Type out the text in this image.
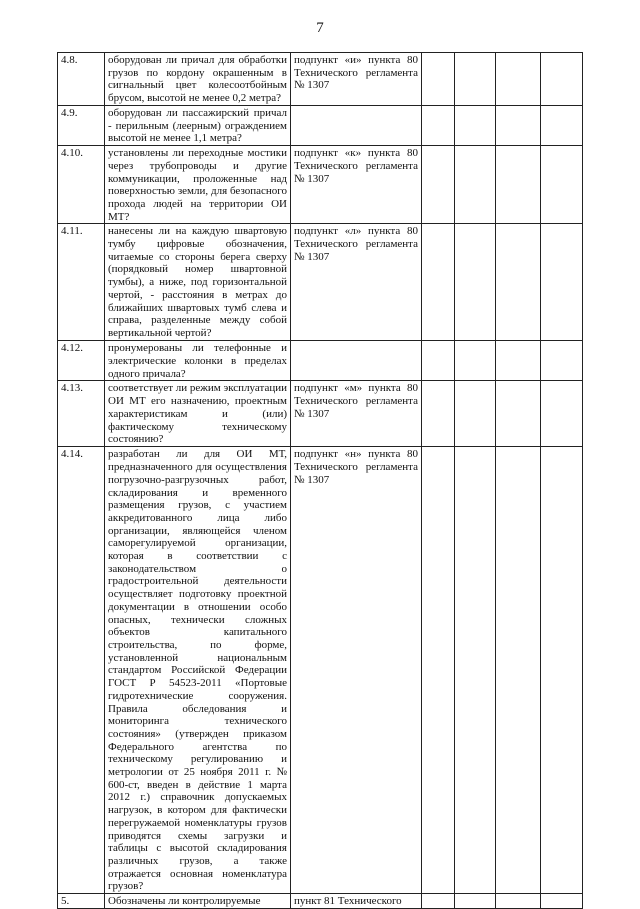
7
4.8.	оборудован ли причал для обработки грузов по кордону окрашенным в сигнальный цвет колесоотбойным брусом, высотой не менее 0,2 метра?	подпункт «и» пункта 80 Технического регламента № 1307				
4.9.	оборудован ли пассажирский причал - перильным (леерным) ограждением высотой не менее 1,1 метра?					
4.10.	установлены ли переходные мостики через трубопроводы и другие коммуникации, проложенные над поверхностью земли, для безопасного прохода людей на территории ОИ МТ?	подпункт «к» пункта 80 Технического регламента № 1307				
4.11.	нанесены ли на каждую швартовую тумбу цифровые обозначения, читаемые со стороны берега сверху (порядковый номер швартовной тумбы), а ниже, под горизонтальной чертой, - расстояния в метрах до ближайших швартовых тумб слева и справа, разделенные между собой вертикальной чертой?	подпункт «л» пункта 80 Технического регламента № 1307				
4.12.	пронумерованы ли телефонные и электрические колонки в пределах одного причала?					
4.13.	соответствует ли режим эксплуатации ОИ МТ его назначению, проектным характеристикам и (или) фактическому техническому состоянию?	подпункт «м» пункта 80 Технического регламента № 1307				
4.14.	разработан ли для ОИ МТ, предназначенного для осуществления погрузочно-разгрузочных работ, складирования и временного размещения грузов, с участием аккредитованного лица либо организации, являющейся членом саморегулируемой организации, которая в соответствии с законодательством о градостроительной деятельности осуществляет подготовку проектной документации в отношении особо опасных, технически сложных объектов капитального строительства, по форме, установленной национальным стандартом Российской Федерации ГОСТ Р 54523-2011 «Портовые гидротехнические сооружения. Правила обследования и мониторинга технического состояния» (утвержден приказом Федерального агентства по техническому регулированию и метрологии от 25 ноября 2011 г. № 600-ст, введен в действие 1 марта 2012 г.) справочник допускаемых нагрузок, в котором для фактически перегружаемой номенклатуры грузов приводятся схемы загрузки и таблицы с высотой складирования различных грузов, а также отражается основная номенклатура грузов?	подпункт «н» пункта 80 Технического регламента № 1307				
5.	Обозначены ли контролируемые	пункт 81 Технического				
